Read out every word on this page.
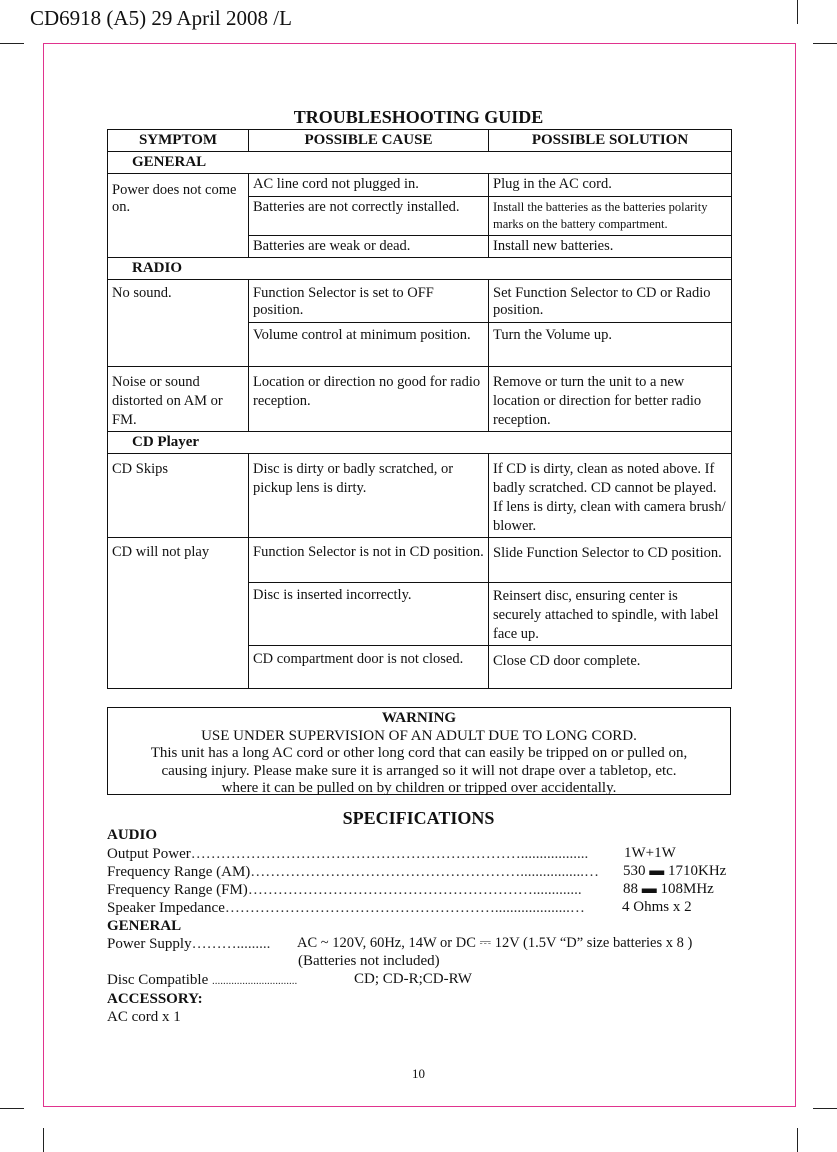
CD6918 (A5) 29 April 2008 /L
TROUBLESHOOTING GUIDE
SYMPTOM	POSSIBLE CAUSE	POSSIBLE SOLUTION
GENERAL		
Power does not come on.	AC line cord not plugged in.	Plug in the AC cord.
	Batteries are not correctly installed.	Install the batteries as the batteries polarity marks on the battery compartment.
	Batteries are weak or dead.	Install new batteries.
RADIO		
No sound.	Function Selector is set to OFF position.	Set Function Selector to CD or Radio position.
	Volume control at minimum position.	Turn the Volume up.
Noise or sound distorted on AM or FM.	Location or direction no good for radio reception.	Remove or turn the unit to a new location or direction for better radio reception.
CD Player		
CD Skips	Disc is dirty or badly scratched, or pickup lens is dirty.	If CD is dirty, clean as noted above. If badly scratched. CD cannot be played. If lens is dirty, clean with camera brush/ blower.
CD will not play	Function Selector is not in CD position.	Slide Function Selector to CD position.
	Disc is inserted incorrectly.	Reinsert disc, ensuring center is securely attached to spindle, with label face up.
	CD compartment door is not closed.	Close CD door complete.
WARNING
USE UNDER SUPERVISION OF AN ADULT DUE TO LONG CORD.
This unit has a long AC cord or other long cord that can easily be tripped on or pulled on,
causing injury. Please make sure it is arranged so it will not drape over a tabletop, etc.
where it can be pulled on by children or tripped over accidentally.
SPECIFICATIONS
AUDIO
Output Power………………………………………………………….................. 1W+1W
Frequency Range (AM)……………………………………………….................… 530 ▬ 1710KHz
Frequency Range (FM)………………………………………………….............	88 ▬ 108MHz
Speaker Impedance………………………………………………....................… 4 Ohms x 2
GENERAL
Power Supply………......... AC ~ 120V, 60Hz, 14W or DC ⎓ 12V (1.5V “D” size batteries x 8 )
(Batteries not included)
Disc Compatible ...............................	CD; CD-R;CD-RW
ACCESSORY:
AC cord x 1
10
